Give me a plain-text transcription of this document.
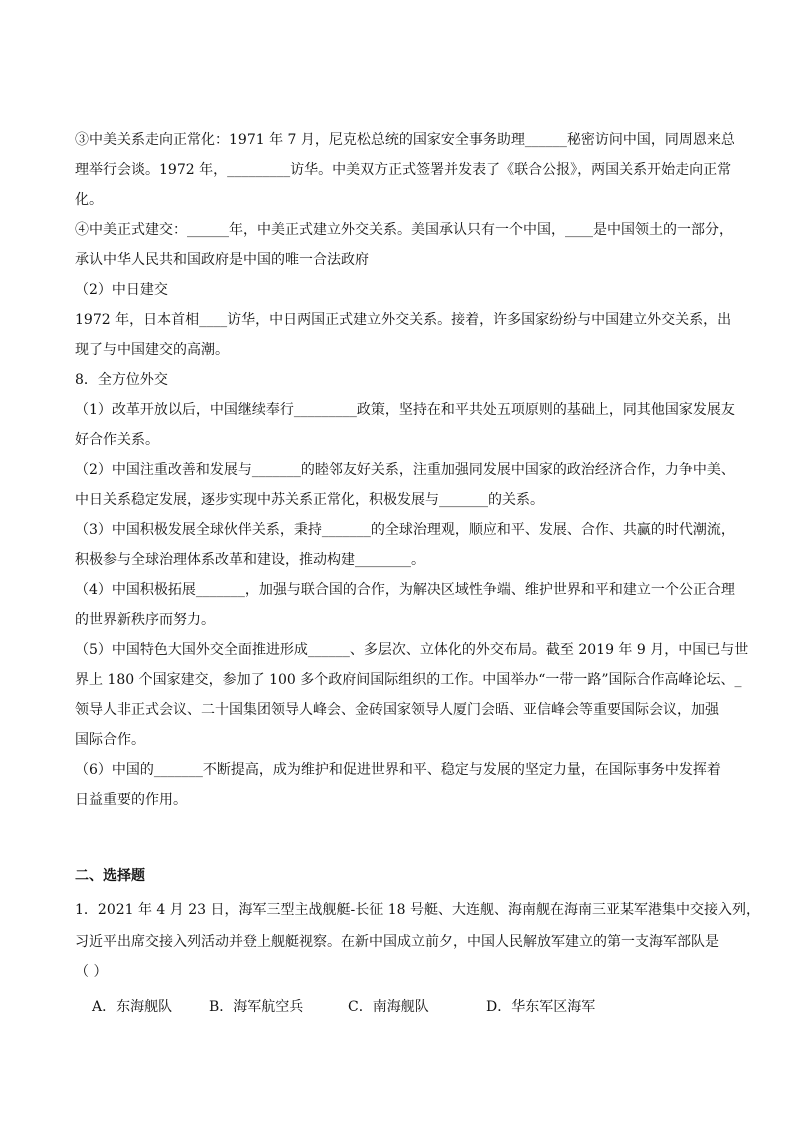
③中美关系走向正常化：1971 年 7 月，尼克松总统的国家安全事务助理______秘密访问中国，同周恩来总
理举行会谈。1972 年，_________访华。中美双方正式签署并发表了《联合公报》，两国关系开始走向正常
化。
④中美正式建交：______年，中美正式建立外交关系。美国承认只有一个中国，____是中国领土的一部分，
承认中华人民共和国政府是中国的唯一合法政府
（2）中日建交
1972 年，日本首相____访华，中日两国正式建立外交关系。接着，许多国家纷纷与中国建立外交关系，出
现了与中国建交的高潮。
8．全方位外交
（1）改革开放以后，中国继续奉行_________政策，坚持在和平共处五项原则的基础上，同其他国家发展友
好合作关系。
（2）中国注重改善和发展与_______的睦邻友好关系，注重加强同发展中国家的政治经济合作，力争中美、
中日关系稳定发展，逐步实现中苏关系正常化，积极发展与_______的关系。
（3）中国积极发展全球伙伴关系，秉持_______的全球治理观，顺应和平、发展、合作、共赢的时代潮流，
积极参与全球治理体系改革和建设，推动构建________。
（4）中国积极拓展_______，加强与联合国的合作，为解决区域性争端、维护世界和平和建立一个公正合理
的世界新秩序而努力。
（5）中国特色大国外交全面推进形成______、多层次、立体化的外交布局。截至 2019 年 9 月，中国已与世
界上 180 个国家建交，参加了 100 多个政府间国际组织的工作。中国举办“一带一路”国际合作高峰论坛、_
领导人非正式会议、二十国集团领导人峰会、金砖国家领导人厦门会晤、亚信峰会等重要国际会议，加强
国际合作。
（6）中国的_______不断提高，成为维护和促进世界和平、稳定与发展的坚定力量，在国际事务中发挥着
日益重要的作用。
二、选择题
1．2021 年 4 月 23 日，海军三型主战舰艇-长征 18 号艇、大连舰、海南舰在海南三亚某军港集中交接入列，
习近平出席交接入列活动并登上舰艇视察。在新中国成立前夕，中国人民解放军建立的第一支海军部队是
（ ）
A．东海舰队	B．海军航空兵	C．南海舰队	D．华东军区海军
